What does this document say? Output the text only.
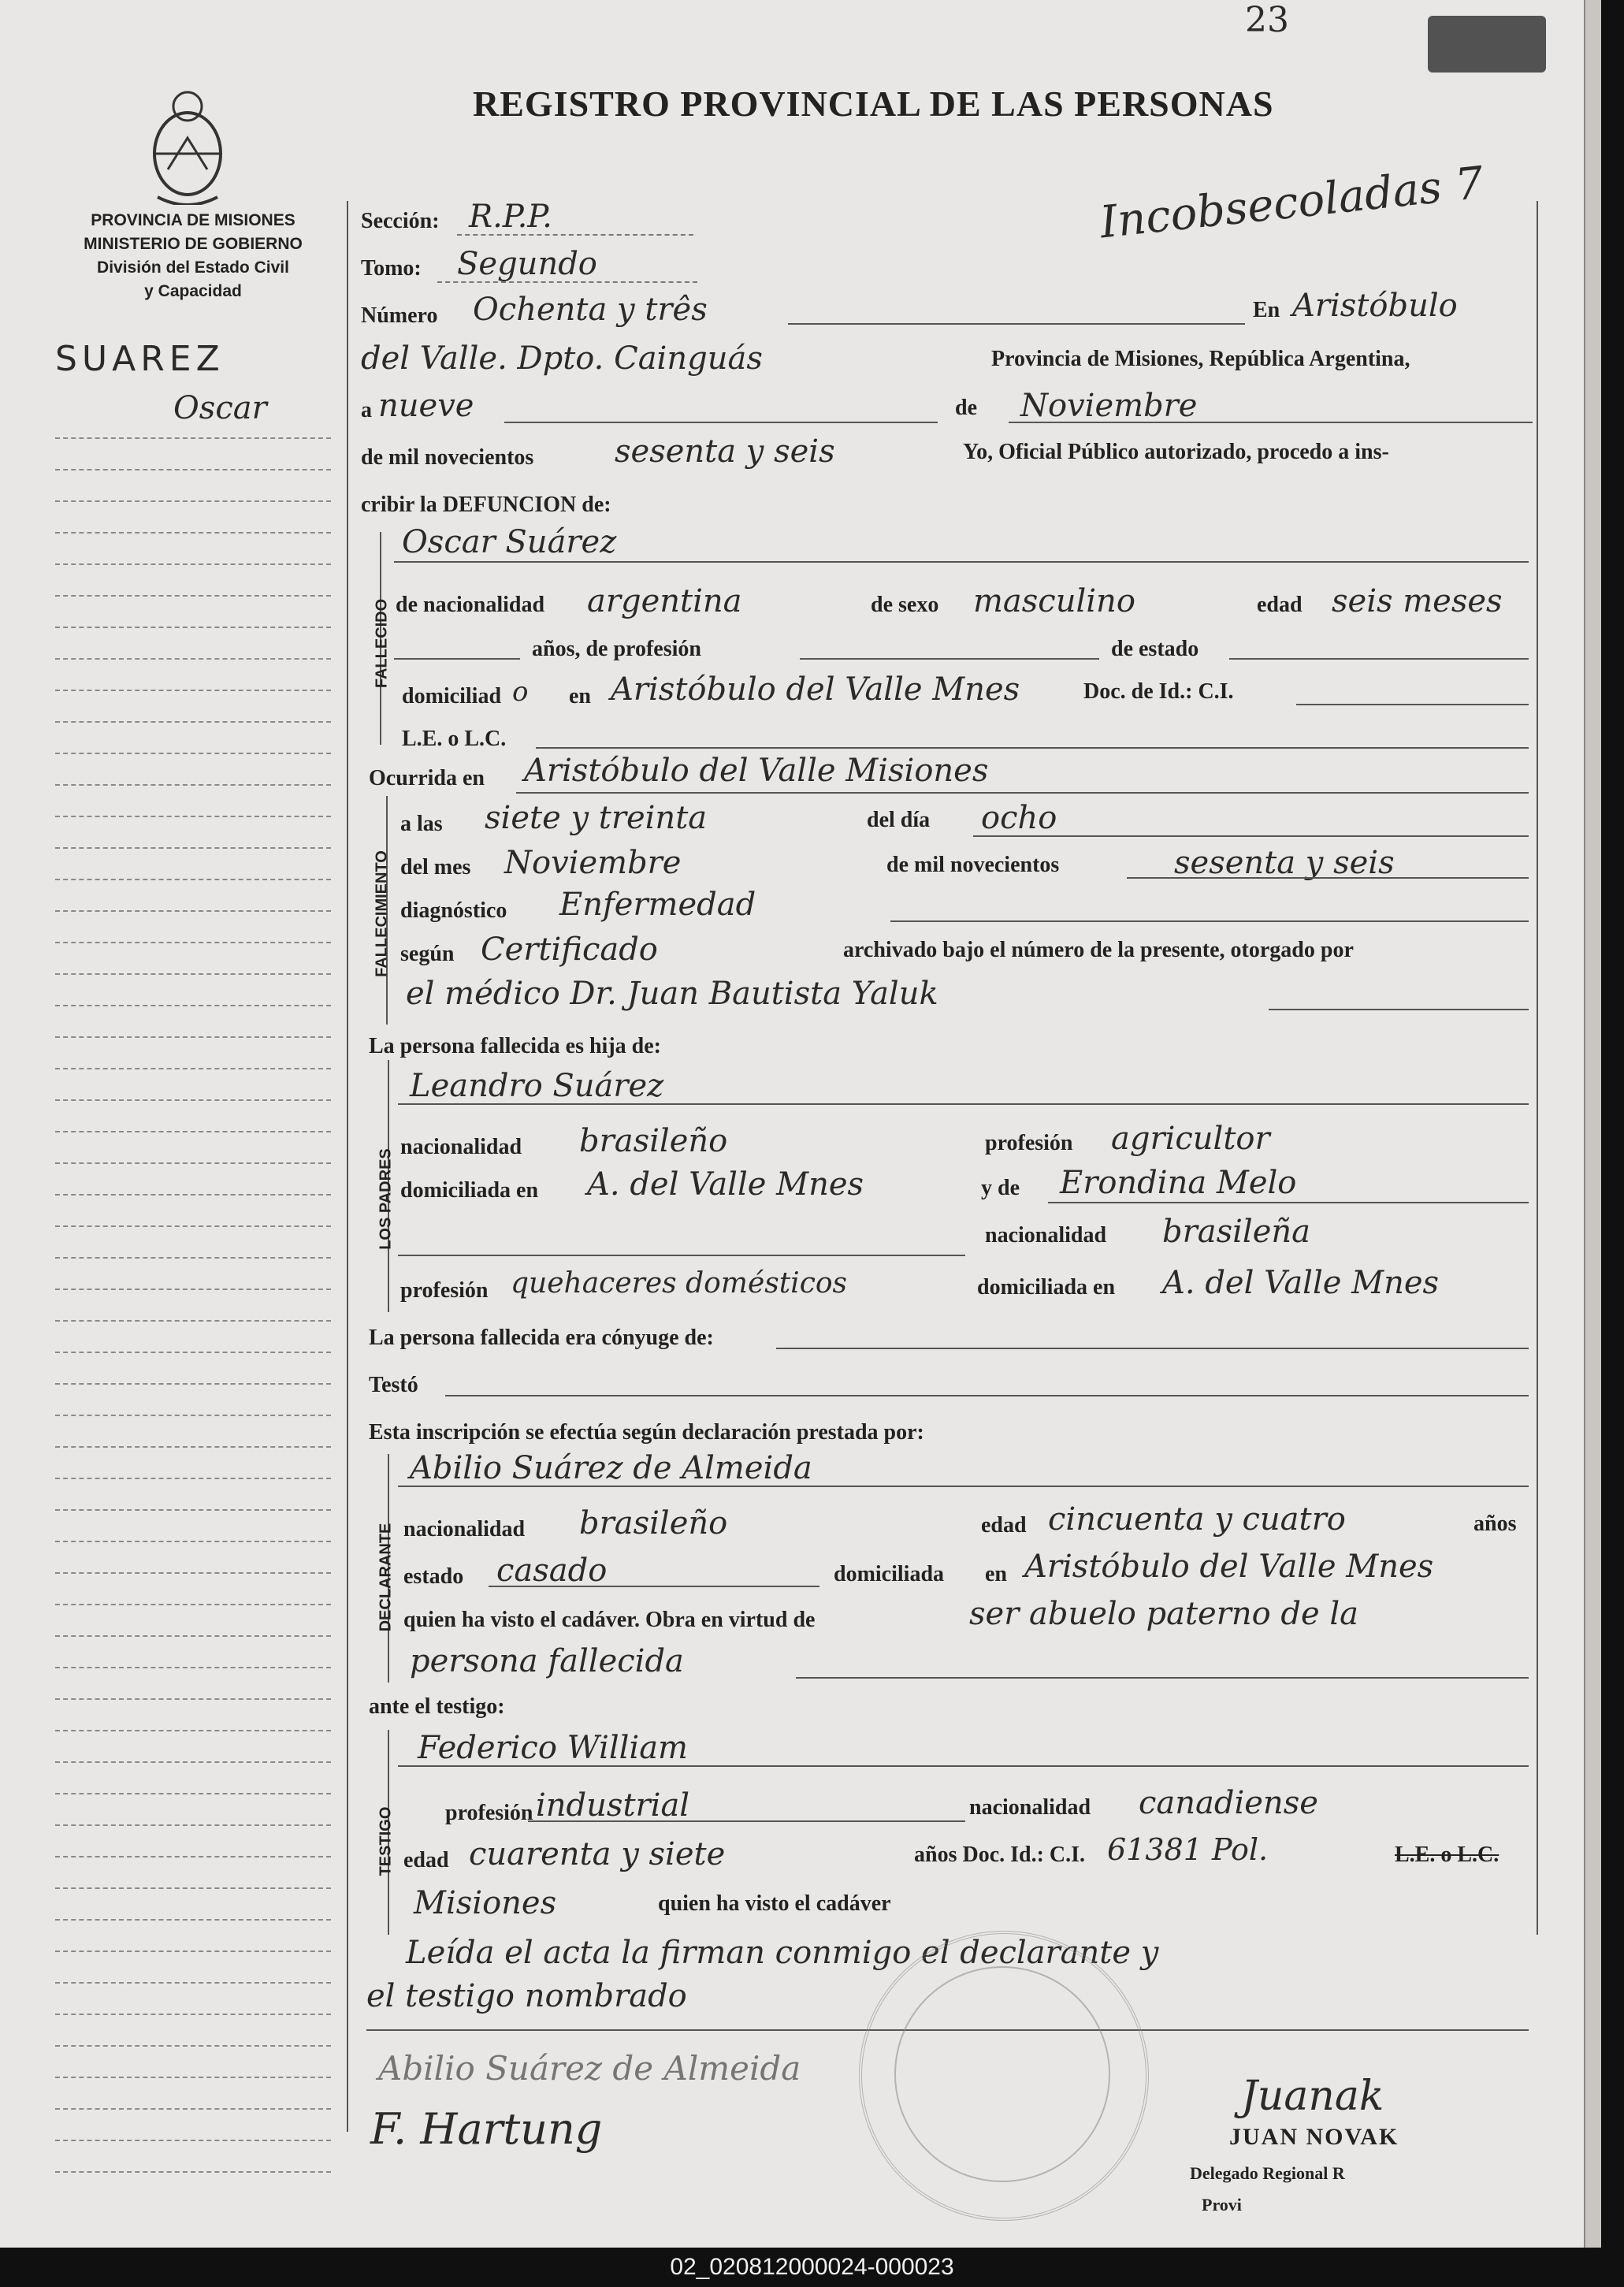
23
REGISTRO PROVINCIAL DE LAS PERSONAS
Incobsecoladas 7
PROVINCIA DE MISIONES
MINISTERIO DE GOBIERNO
División del Estado Civil
y Capacidad
SUAREZ
Oscar
Sección: R.P.P.
Tomo: Segundo
Número Ochenta y três	En Aristóbulo
del Valle. Dpto. Cainguás	Provincia de Misiones, República Argentina,
a nueve	de Noviembre
de mil novecientos	sesenta y seis	Yo, Oficial Público autorizado, procedo a ins-
cribir la DEFUNCION de:
FALLECIDO
Oscar Suárez
de nacionalidad argentina	de sexo masculino	edad seis meses
años, de profesión	de estado
domiciliad o en Aristóbulo del Valle Mnes	Doc. de Id.: C.I.
L.E. o L.C.
Ocurrida en Aristóbulo del Valle Misiones
FALLECIMIENTO
a las siete y treinta	del día ocho
del mes Noviembre	de mil novecientos	sesenta y seis
diagnóstico Enfermedad
según Certificado	archivado bajo el número de la presente, otorgado por
el médico Dr. Juan Bautista Yaluk
La persona fallecida es hija de:
LOS PADRES
Leandro Suárez
nacionalidad brasileño	profesión agricultor
domiciliada en A. del Valle Mnes	y de Erondina Melo
nacionalidad brasileña
profesión quehaceres domésticos	domiciliada en A. del Valle Mnes
La persona fallecida era cónyuge de:
Testó
Esta inscripción se efectúa según declaración prestada por:
DECLARANTE
Abilio Suárez de Almeida
nacionalidad brasileño	edad cincuenta y cuatro	años
estado casado	domiciliada en Aristóbulo del Valle Mnes
quien ha visto el cadáver. Obra en virtud de	ser abuelo paterno de la
persona fallecida
ante el testigo:
TESTIGO
Federico William
profesión industrial	nacionalidad canadiense
edad cuarenta y siete	años Doc. Id.: C.I. 61381 Pol.	L.E. o L.C.
Misiones	quien ha visto el cadáver
Leída el acta la firman conmigo el declarante y
el testigo nombrado
Abilio Suárez de Almeida
F. Hartung
Juanak
JUAN NOVAK
Delegado Regional R
Provi
02_020812000024-000023
